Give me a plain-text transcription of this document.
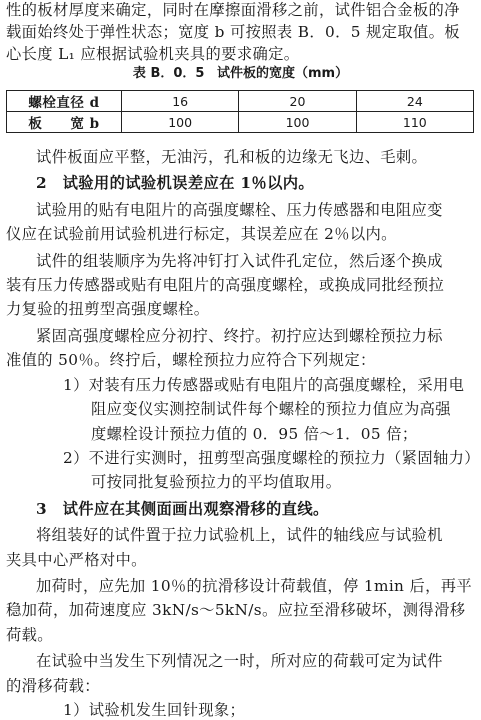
性的板材厚度来确定，同时在摩擦面滑移之前，试件铝合金板的净
载面始终处于弹性状态；宽度 b 可按照表 B．0．5 规定取值。板
心长度 L₁ 应根据试验机夹具的要求确定。
表 B．0．5 试件板的宽度（mm）
螺栓直径 d	16	20	24
板　　宽 b	100	100	110
试件板面应平整，无油污，孔和板的边缘无飞边、毛刺。
2　试验用的试验机误差应在 1％以内。
试验用的贴有电阻片的高强度螺栓、压力传感器和电阻应变
仪应在试验前用试验机进行标定，其误差应在 2％以内。
试件的组装顺序为先将冲钉打入试件孔定位，然后逐个换成
装有压力传感器或贴有电阻片的高强度螺栓，或换成同批经预拉
力复验的扭剪型高强度螺栓。
紧固高强度螺栓应分初拧、终拧。初拧应达到螺栓预拉力标
准值的 50％。终拧后，螺栓预拉力应符合下列规定：
1）对装有压力传感器或贴有电阻片的高强度螺栓，采用电
阻应变仪实测控制试件每个螺栓的预拉力值应为高强
度螺栓设计预拉力值的 0．95 倍～1．05 倍；
2）不进行实测时，扭剪型高强度螺栓的预拉力（紧固轴力）
可按同批复验预拉力的平均值取用。
3　试件应在其侧面画出观察滑移的直线。
将组装好的试件置于拉力试验机上，试件的轴线应与试验机
夹具中心严格对中。
加荷时，应先加 10％的抗滑移设计荷载值，停 1min 后，再平
稳加荷，加荷速度应 3kN/s～5kN/s。应拉至滑移破坏，测得滑移
荷载。
在试验中当发生下列情况之一时，所对应的荷载可定为试件
的滑移荷载：
1）试验机发生回针现象；
